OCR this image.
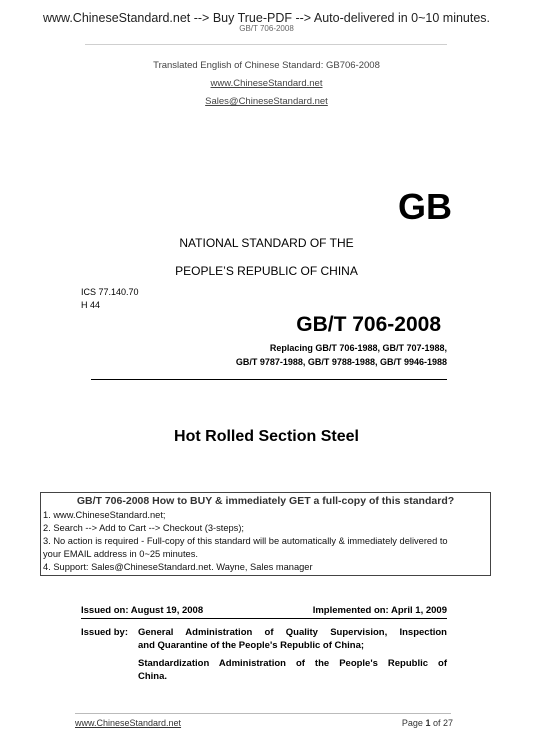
GB/T 706-2008
www.ChineseStandard.net --> Buy True-PDF --> Auto-delivered in 0~10 minutes.
Translated English of Chinese Standard: GB706-2008
www.ChineseStandard.net
Sales@ChineseStandard.net
GB
NATIONAL STANDARD OF THE
PEOPLE’S REPUBLIC OF CHINA
ICS 77.140.70
H 44
GB/T 706-2008
Replacing GB/T 706-1988, GB/T 707-1988,
GB/T 9787-1988, GB/T 9788-1988, GB/T 9946-1988
Hot Rolled Section Steel
GB/T 706-2008 How to BUY & immediately GET a full-copy of this standard?
1. www.ChineseStandard.net;
2. Search --> Add to Cart --> Checkout (3-steps);
3. No action is required - Full-copy of this standard will be automatically & immediately delivered to
your EMAIL address in 0~25 minutes.
4. Support: Sales@ChineseStandard.net. Wayne, Sales manager
Issued on: August 19, 2008	Implemented on: April 1, 2009
Issued by: General Administration of Quality Supervision, Inspection
and Quarantine of the People's Republic of China;
Standardization Administration of the People's Republic of
China.
www.ChineseStandard.net	Page 1 of 27
